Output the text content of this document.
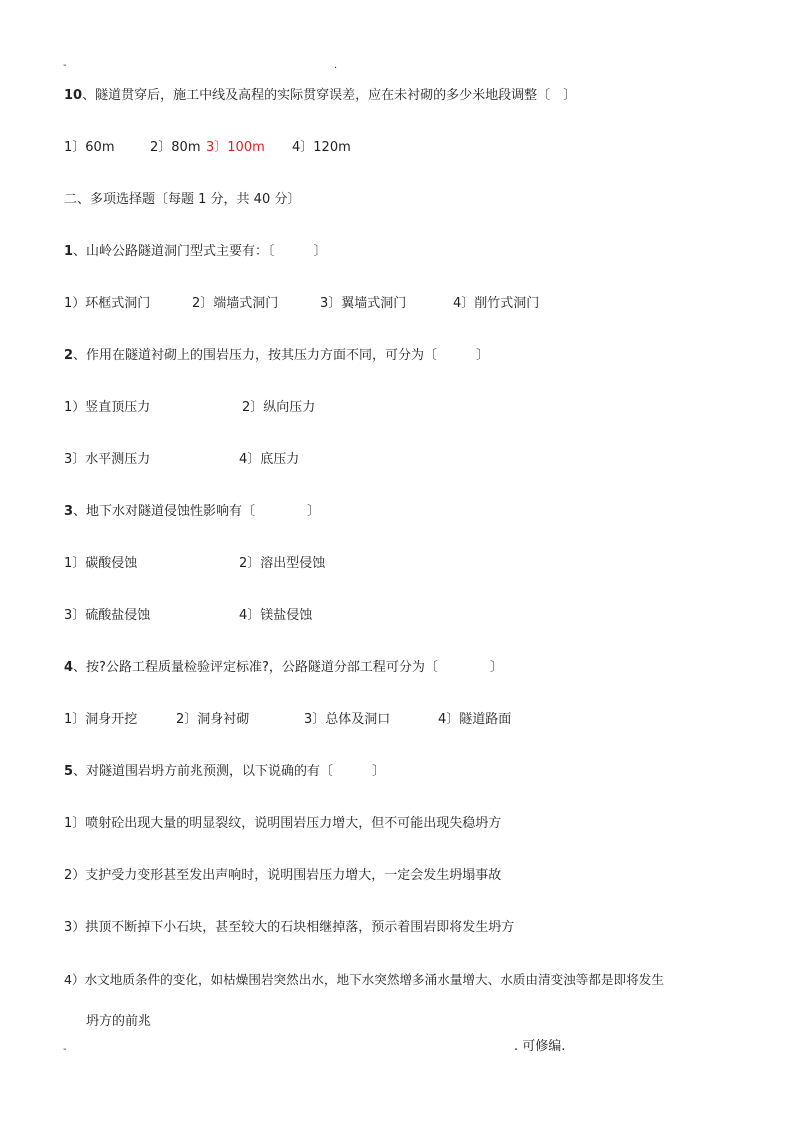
-	.
10、隧道贯穿后，施工中线及高程的实际贯穿误差，应在未衬砌的多少米地段调整〔　〕
1〕60m	2〕80m 3〕100m 4〕120m
二、多项选择题〔每题 1 分，共 40 分〕
1、山岭公路隧道洞门型式主要有：〔　　　〕
1）环框式洞门	2〕端墙式洞门	3〕翼墙式洞门	4〕削竹式洞门
2、作用在隧道衬砌上的围岩压力，按其压力方面不同，可分为〔　　　〕
1）竖直顶压力	2〕纵向压力
3〕水平测压力	4〕底压力
3、地下水对隧道侵蚀性影响有〔　　　　〕
1〕碳酸侵蚀	2〕溶出型侵蚀
3〕硫酸盐侵蚀	4〕镁盐侵蚀
4、按?公路工程质量检验评定标准?，公路隧道分部工程可分为〔　　　　〕
1〕洞身开挖	2〕洞身衬砌	3〕总体及洞口	4〕隧道路面
5、对隧道围岩坍方前兆预测，以下说确的有〔　　　〕
1〕喷射砼出现大量的明显裂纹，说明围岩压力增大，但不可能出现失稳坍方
2）支护受力变形甚至发出声响时，说明围岩压力增大，一定会发生坍塌事故
3）拱顶不断掉下小石块，甚至较大的石块相继掉落，预示着围岩即将发生坍方
4）水文地质条件的变化，如枯燥围岩突然出水，地下水突然增多涌水量增大、水质由清变浊等都是即将发生
坍方的前兆
-	. 可修编.
